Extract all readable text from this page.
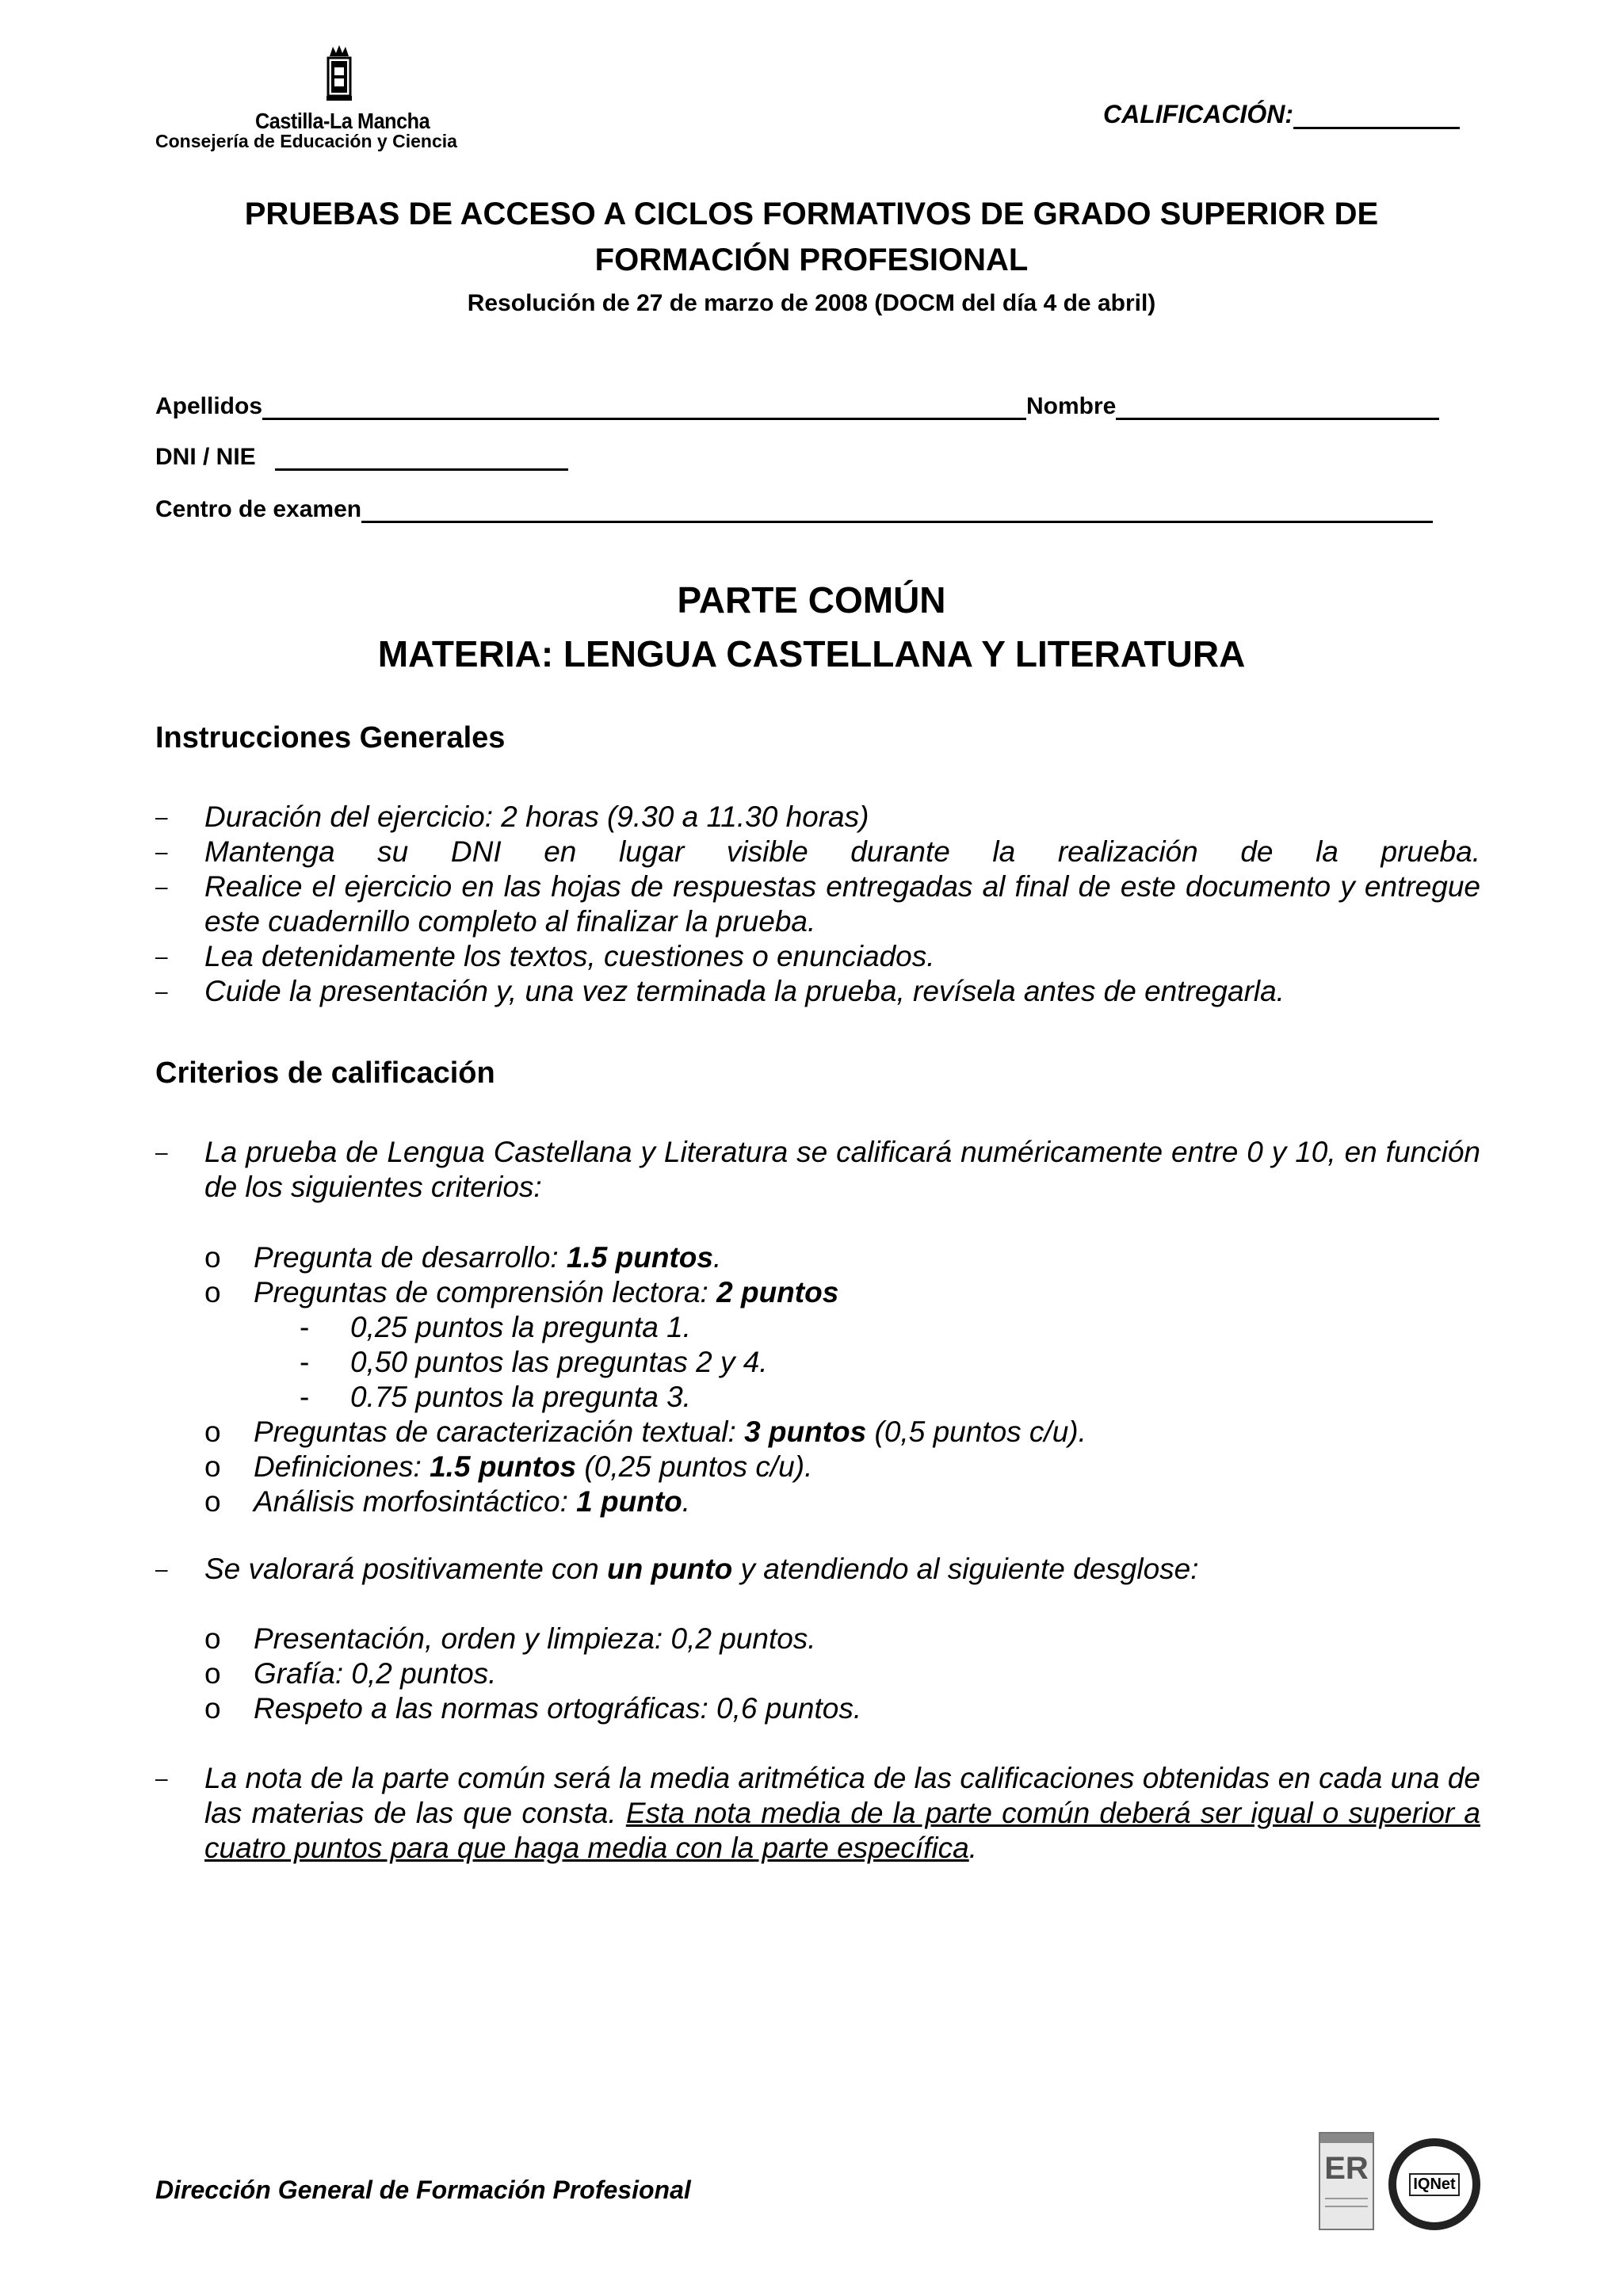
Castilla-La Mancha
Consejería de Educación y Ciencia
CALIFICACIÓN:
PRUEBAS DE ACCESO A CICLOS FORMATIVOS DE GRADO SUPERIOR DE
FORMACIÓN PROFESIONAL
Resolución de 27 de marzo de 2008 (DOCM del día 4 de abril)
Apellidos	Nombre
DNI / NIE
Centro de examen
PARTE COMÚN
MATERIA: LENGUA CASTELLANA Y LITERATURA
Instrucciones Generales
– Duración del ejercicio: 2 horas (9.30 a 11.30 horas)
– Mantenga su DNI en lugar visible durante la realización de la prueba.
– Realice el ejercicio en las hojas de respuestas entregadas al final de este documento y entregue este cuadernillo completo al finalizar la prueba.
– Lea detenidamente los textos, cuestiones o enunciados.
– Cuide la presentación y, una vez terminada la prueba, revísela antes de entregarla.
Criterios de calificación
– La prueba de Lengua Castellana y Literatura se calificará numéricamente entre 0 y 10, en función de los siguientes criterios:
o Pregunta de desarrollo: 1.5 puntos.
o Preguntas de comprensión lectora: 2 puntos
- 0,25 puntos la pregunta 1.
- 0,50 puntos las preguntas 2 y 4.
- 0.75 puntos la pregunta 3.
o Preguntas de caracterización textual: 3 puntos (0,5 puntos c/u).
o Definiciones: 1.5 puntos (0,25 puntos c/u).
o Análisis morfosintáctico: 1 punto.
– Se valorará positivamente con un punto y atendiendo al siguiente desglose:
o Presentación, orden y limpieza: 0,2 puntos.
o Grafía: 0,2 puntos.
o Respeto a las normas ortográficas: 0,6 puntos.
– La nota de la parte común será la media aritmética de las calificaciones obtenidas en cada una de las materias de las que consta. Esta nota media de la parte común deberá ser igual o superior a cuatro puntos para que haga media con la parte específica.
Dirección General de Formación Profesional
ER	IQNet
